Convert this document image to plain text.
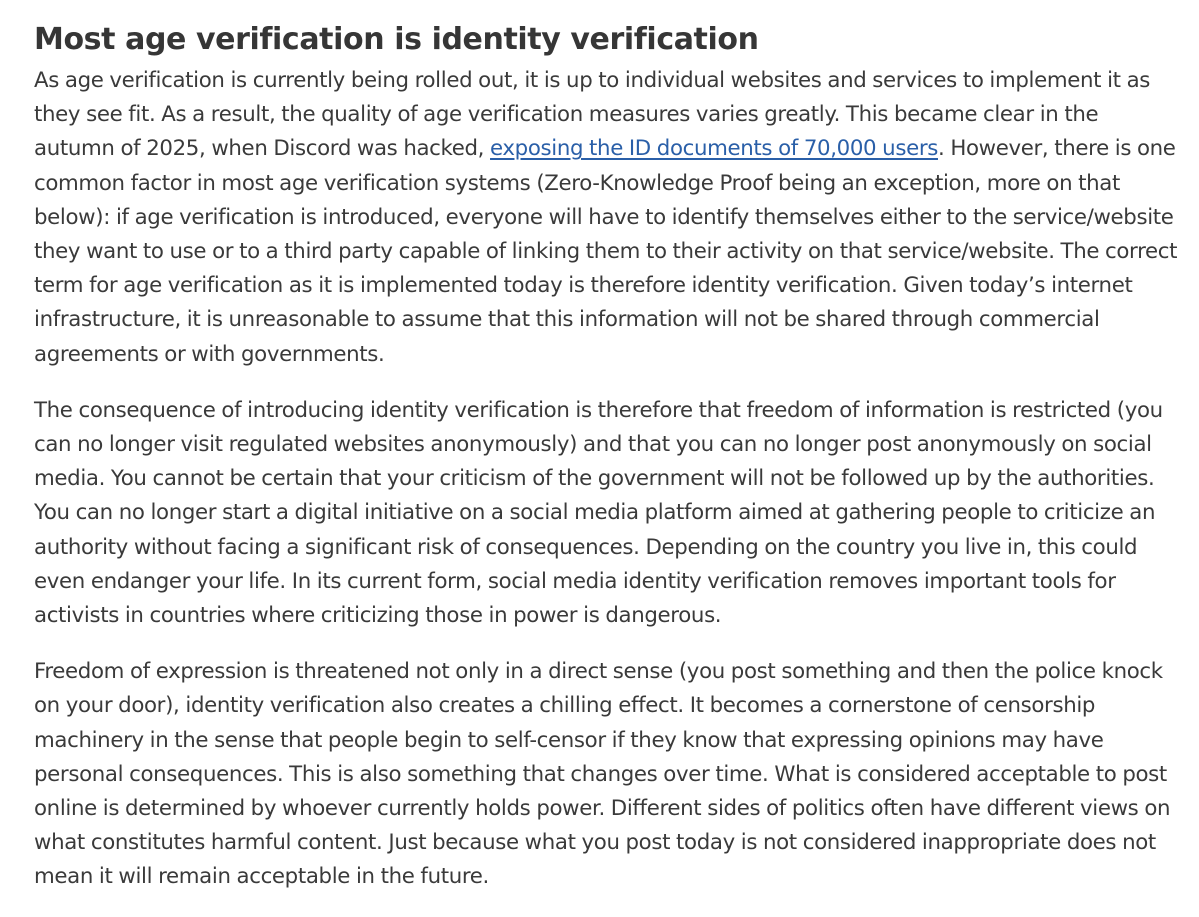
Most age verification is identity verification

As age verification is currently being rolled out, it is up to individual websites and services to implement it as they see fit. As a result, the quality of age verification measures varies greatly. This became clear in the autumn of 2025, when Discord was hacked, exposing the ID documents of 70,000 users. However, there is one common factor in most age verification systems (Zero-Knowledge Proof being an exception, more on that below): if age verification is introduced, everyone will have to identify themselves either to the service/website they want to use or to a third party capable of linking them to their activity on that service/website. The correct term for age verification as it is implemented today is therefore identity verification. Given today’s internet infrastructure, it is unreasonable to assume that this information will not be shared through commercial agreements or with governments.

The consequence of introducing identity verification is therefore that freedom of information is restricted (you can no longer visit regulated websites anonymously) and that you can no longer post anonymously on social media. You cannot be certain that your criticism of the government will not be followed up by the authorities. You can no longer start a digital initiative on a social media platform aimed at gathering people to criticize an authority without facing a significant risk of consequences. Depending on the country you live in, this could even endanger your life. In its current form, social media identity verification removes important tools for activists in countries where criticizing those in power is dangerous.

Freedom of expression is threatened not only in a direct sense (you post something and then the police knock on your door), identity verification also creates a chilling effect. It becomes a cornerstone of censorship machinery in the sense that people begin to self-censor if they know that expressing opinions may have personal consequences. This is also something that changes over time. What is considered acceptable to post online is determined by whoever currently holds power. Different sides of politics often have different views on what constitutes harmful content. Just because what you post today is not considered inappropriate does not mean it will remain acceptable in the future.
